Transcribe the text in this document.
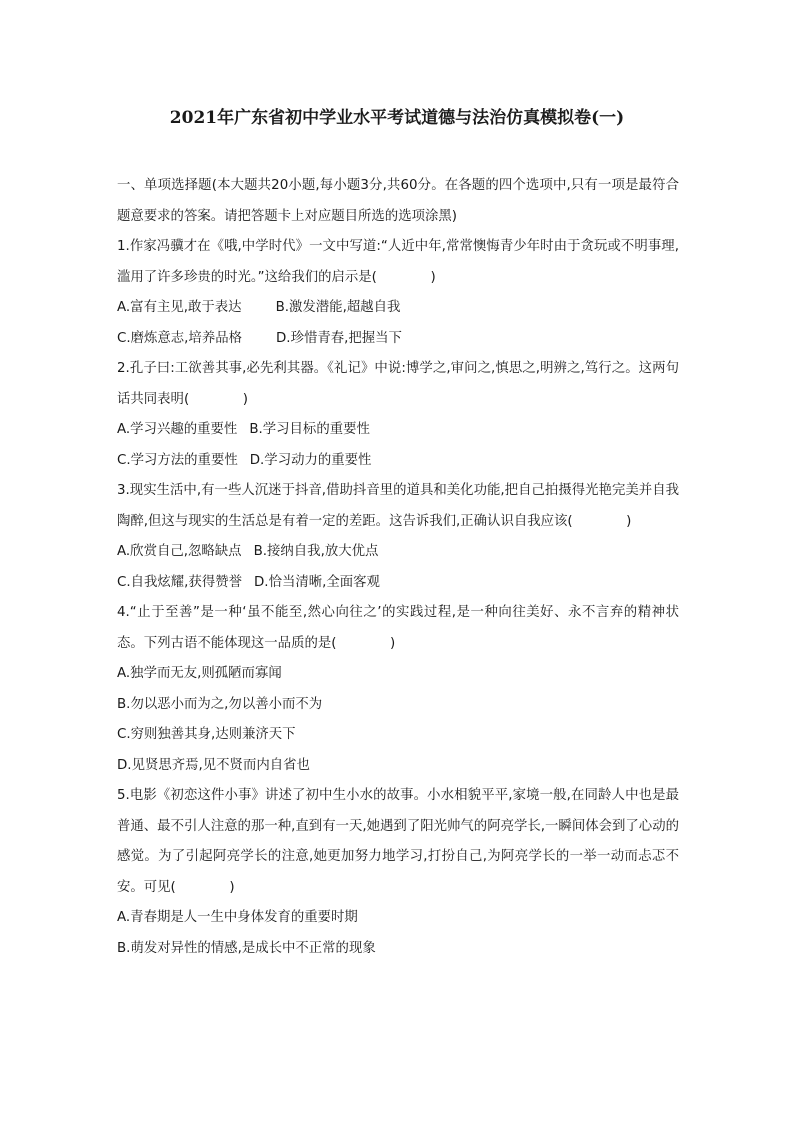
2021年广东省初中学业水平考试道德与法治仿真模拟卷(一)

一、单项选择题(本大题共20小题,每小题3分,共60分。在各题的四个选项中,只有一项是最符合题意要求的答案。请把答题卡上对应题目所选的选项涂黑)

1.作家冯骥才在《哦,中学时代》一文中写道:“人近中年,常常懊悔青少年时由于贪玩或不明事理,滥用了许多珍贵的时光。”这给我们的启示是(　　　　)

A.富有主见,敢于表达	B.激发潜能,超越自我
C.磨炼意志,培养品格	D.珍惜青春,把握当下

2.孔子曰:工欲善其事,必先利其器。《礼记》中说:博学之,审问之,慎思之,明辨之,笃行之。这两句话共同表明(　　　　)

A.学习兴趣的重要性 B.学习目标的重要性
C.学习方法的重要性 D.学习动力的重要性

3.现实生活中,有一些人沉迷于抖音,借助抖音里的道具和美化功能,把自己拍摄得光艳完美并自我陶醉,但这与现实的生活总是有着一定的差距。这告诉我们,正确认识自我应该(　　　　)

A.欣赏自己,忽略缺点 B.接纳自我,放大优点
C.自我炫耀,获得赞誉 D.恰当清晰,全面客观

4.“止于至善”是一种‘虽不能至,然心向往之’的实践过程,是一种向往美好、永不言弃的精神状态。下列古语不能体现这一品质的是(　　　　)

A.独学而无友,则孤陋而寡闻
B.勿以恶小而为之,勿以善小而不为
C.穷则独善其身,达则兼济天下
D.见贤思齐焉,见不贤而内自省也

5.电影《初恋这件小事》讲述了初中生小水的故事。小水相貌平平,家境一般,在同龄人中也是最普通、最不引人注意的那一种,直到有一天,她遇到了阳光帅气的阿亮学长,一瞬间体会到了心动的感觉。为了引起阿亮学长的注意,她更加努力地学习,打扮自己,为阿亮学长的一举一动而忐忑不安。可见(　　　　)

A.青春期是人一生中身体发育的重要时期
B.萌发对异性的情感,是成长中不正常的现象
